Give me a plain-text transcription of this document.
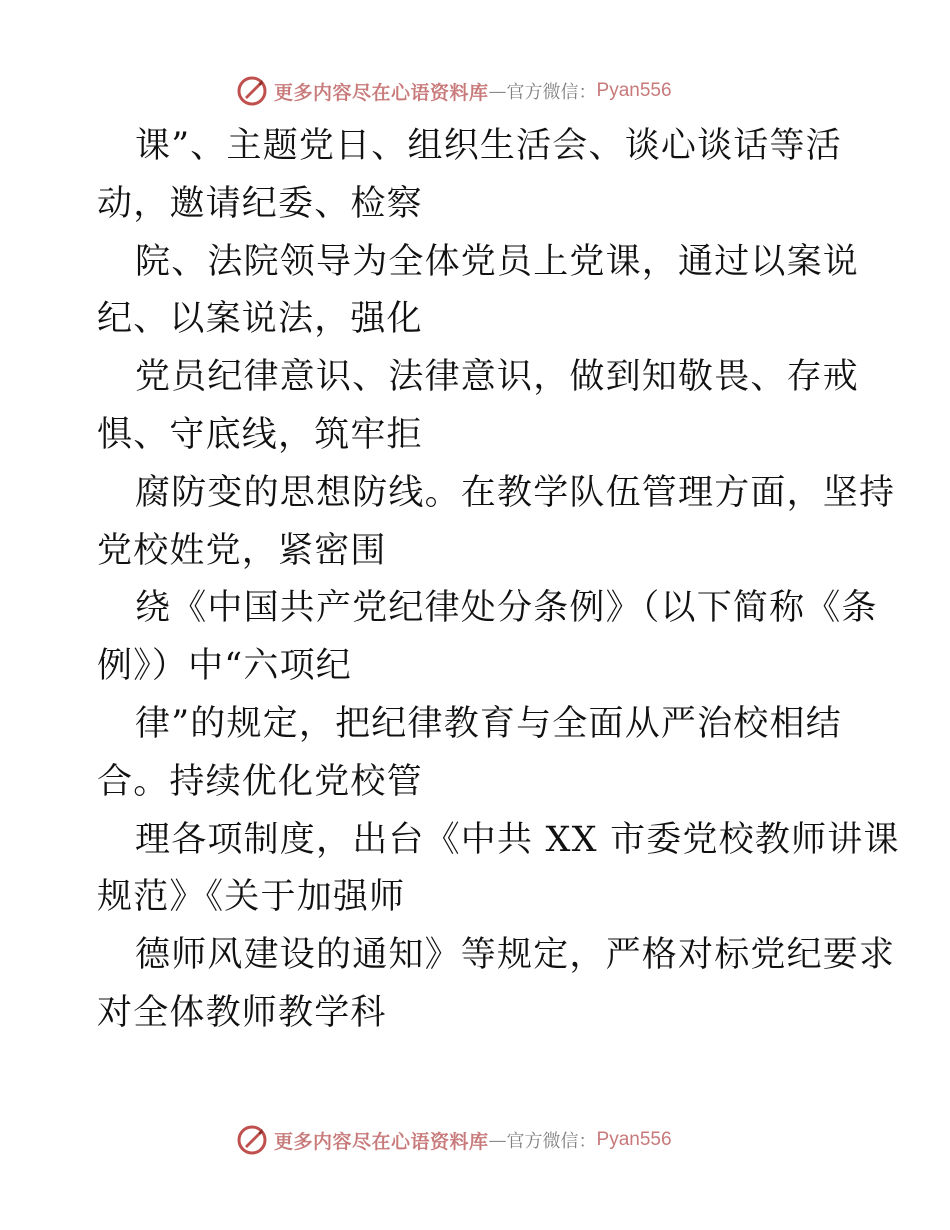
更多内容尽在心语资料库 — 官方微信： Pyan556
课”、主题党日、组织生活会、谈心谈话等活
动，邀请纪委、检察
院、法院领导为全体党员上党课，通过以案说
纪、以案说法，强化
党员纪律意识、法律意识，做到知敬畏、存戒
惧、守底线，筑牢拒
腐防变的思想防线。在教学队伍管理方面，坚持
党校姓党，紧密围
绕《中国共产党纪律处分条例》（以下简称《条
例》）中“六项纪
律”的规定，把纪律教育与全面从严治校相结
合。持续优化党校管
理各项制度，出台《中共 XX 市委党校教师讲课
规范》《关于加强师
德师风建设的通知》等规定，严格对标党纪要求
对全体教师教学科
更多内容尽在心语资料库 — 官方微信： Pyan556
